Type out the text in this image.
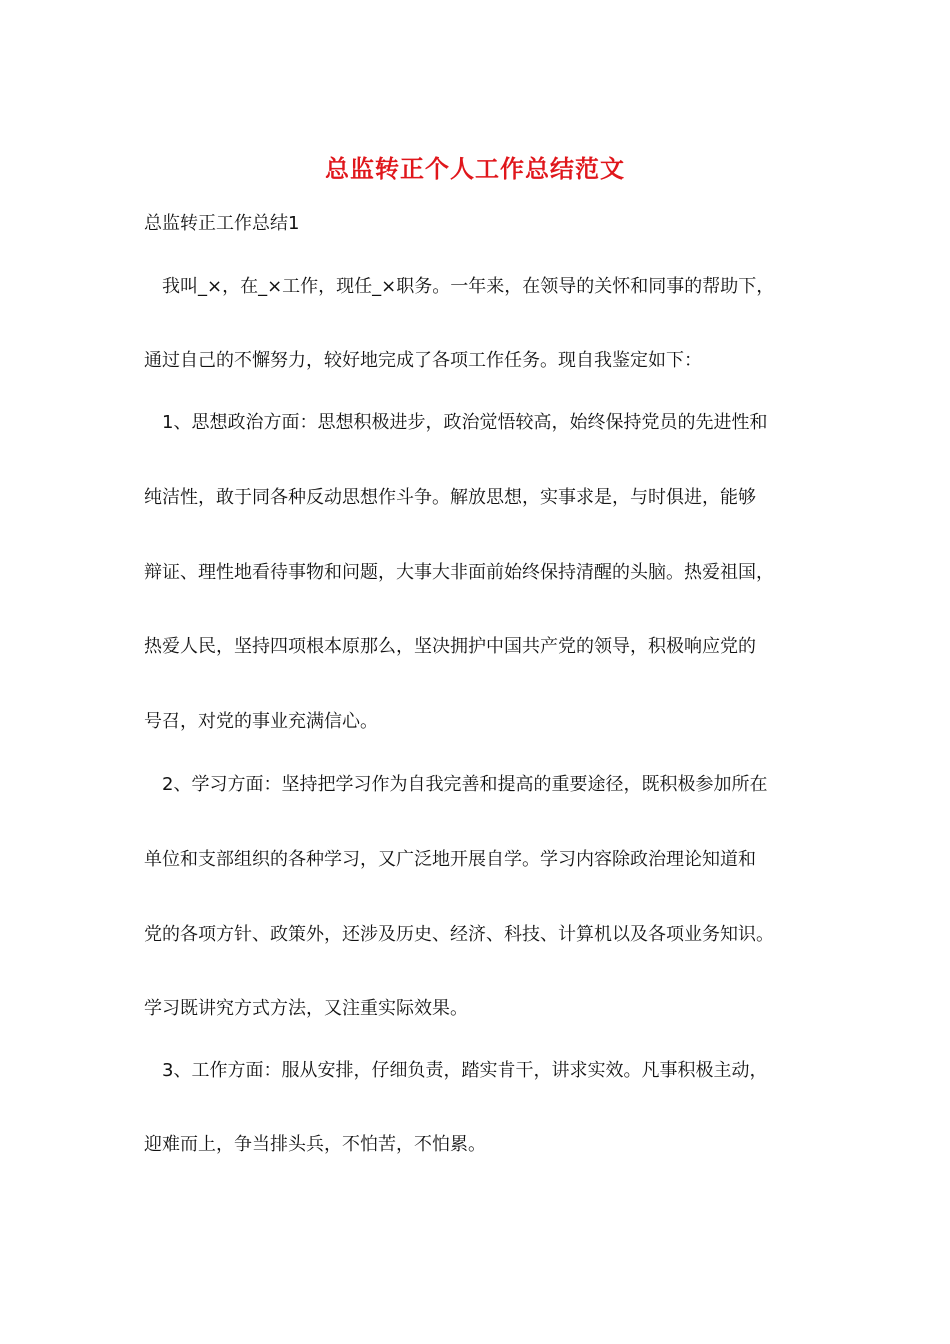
总监转正个人工作总结范文
总监转正工作总结1
我叫_×，在_×工作，现任_×职务。一年来，在领导的关怀和同事的帮助下，
通过自己的不懈努力，较好地完成了各项工作任务。现自我鉴定如下：
1、思想政治方面：思想积极进步，政治觉悟较高，始终保持党员的先进性和
纯洁性，敢于同各种反动思想作斗争。解放思想，实事求是，与时俱进，能够
辩证、理性地看待事物和问题，大事大非面前始终保持清醒的头脑。热爱祖国，
热爱人民，坚持四项根本原那么，坚决拥护中国共产党的领导，积极响应党的
号召，对党的事业充满信心。
2、学习方面：坚持把学习作为自我完善和提高的重要途径，既积极参加所在
单位和支部组织的各种学习，又广泛地开展自学。学习内容除政治理论知道和
党的各项方针、政策外，还涉及历史、经济、科技、计算机以及各项业务知识。
学习既讲究方式方法，又注重实际效果。
3、工作方面：服从安排，仔细负责，踏实肯干，讲求实效。凡事积极主动，
迎难而上，争当排头兵，不怕苦，不怕累。
